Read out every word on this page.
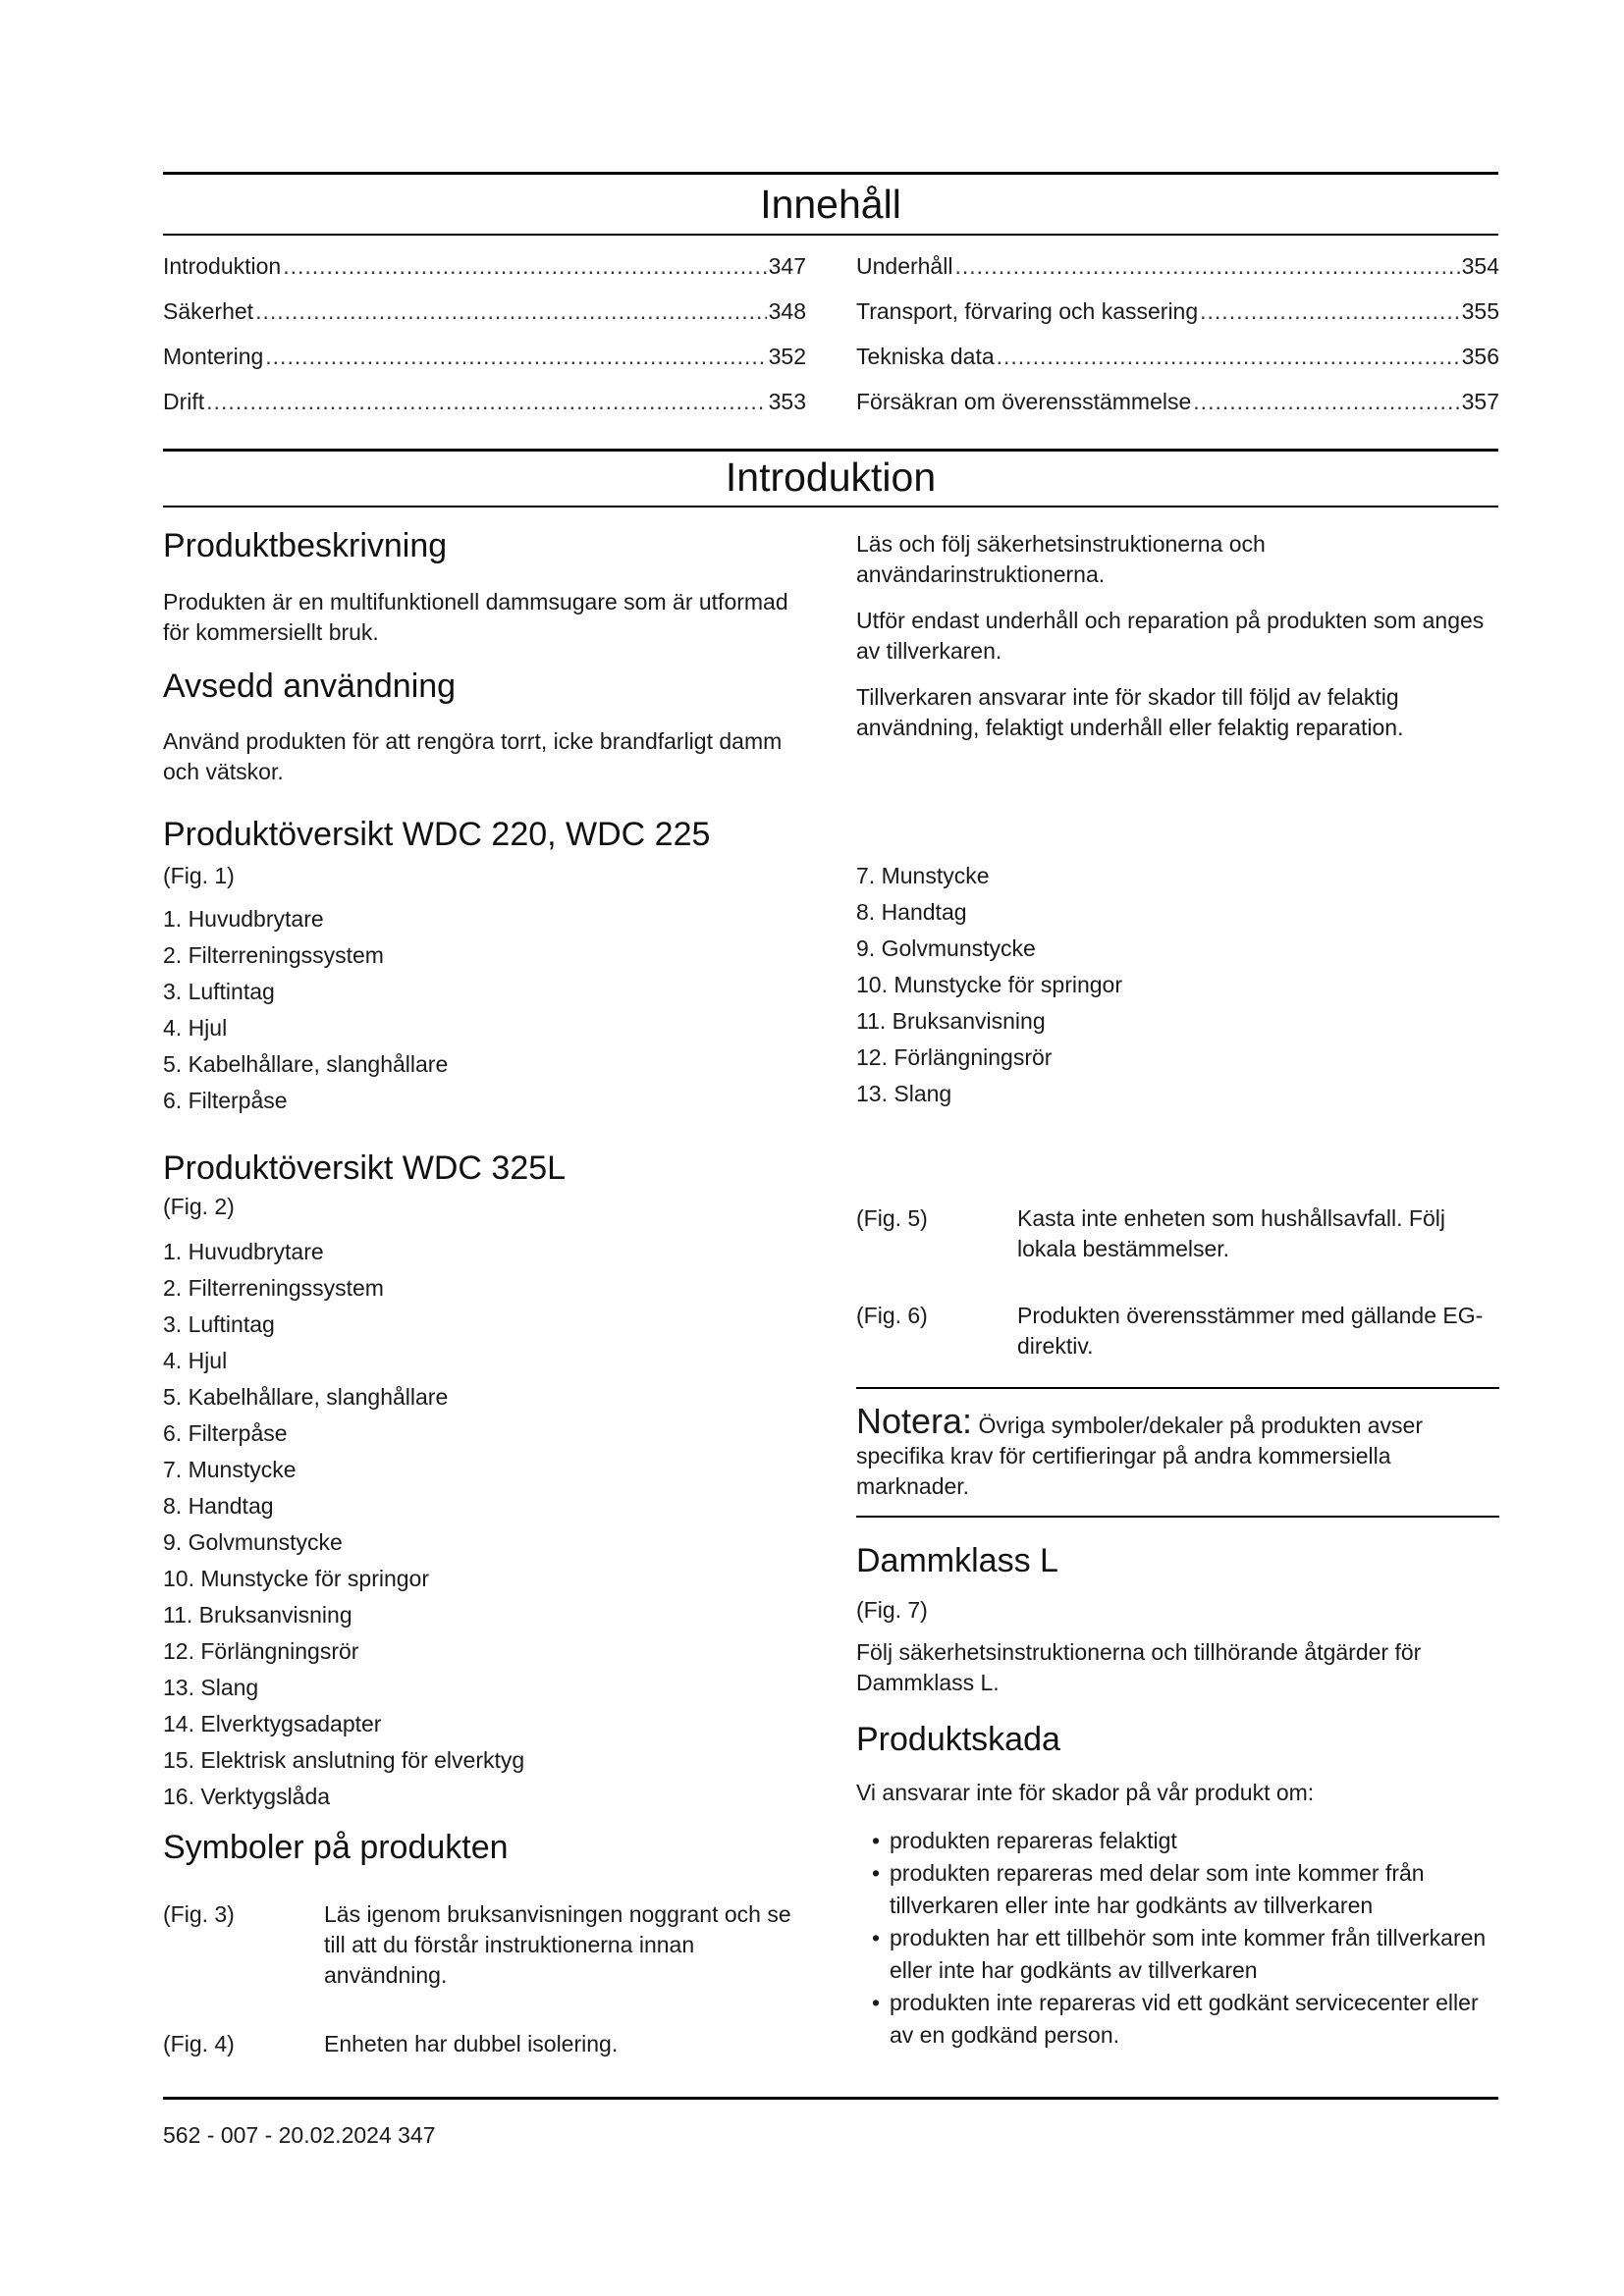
Innehåll
Introduktion .....	347
Säkerhet .....	348
Montering .....	352
Drift .....	353
Underhåll .....	354
Transport, förvaring och kassering .....	355
Tekniska data .....	356
Försäkran om överensstämmelse .....	357
Introduktion
Produktbeskrivning
Produkten är en multifunktionell dammsugare som är utformad för kommersiellt bruk.
Avsedd användning
Använd produkten för att rengöra torrt, icke brandfarligt damm och vätskor.
Läs och följ säkerhetsinstruktionerna och användarinstruktionerna.
Utför endast underhåll och reparation på produkten som anges av tillverkaren.
Tillverkaren ansvarar inte för skador till följd av felaktig användning, felaktigt underhåll eller felaktig reparation.
Produktöversikt WDC 220, WDC 225
(Fig. 1)
1. Huvudbrytare
2. Filterreningssystem
3. Luftintag
4. Hjul
5. Kabelhållare, slanghållare
6. Filterpåse
7. Munstycke
8. Handtag
9. Golvmunstycke
10. Munstycke för springor
11. Bruksanvisning
12. Förlängningsrör
13. Slang
Produktöversikt WDC 325L
(Fig. 2)
1. Huvudbrytare
2. Filterreningssystem
3. Luftintag
4. Hjul
5. Kabelhållare, slanghållare
6. Filterpåse
7. Munstycke
8. Handtag
9. Golvmunstycke
10. Munstycke för springor
11. Bruksanvisning
12. Förlängningsrör
13. Slang
14. Elverktygsadapter
15. Elektrisk anslutning för elverktyg
16. Verktygslåda
Symboler på produkten
(Fig. 3)	Läs igenom bruksanvisningen noggrant och se till att du förstår instruktionerna innan användning.
(Fig. 4)	Enheten har dubbel isolering.
(Fig. 5)	Kasta inte enheten som hushållsavfall. Följ lokala bestämmelser.
(Fig. 6)	Produkten överensstämmer med gällande EG-direktiv.
Notera: Övriga symboler/dekaler på produkten avser specifika krav för certifieringar på andra kommersiella marknader.
Dammklass L
(Fig. 7)
Följ säkerhetsinstruktionerna och tillhörande åtgärder för Dammklass L.
Produktskada
Vi ansvarar inte för skador på vår produkt om:
• produkten repareras felaktigt
• produkten repareras med delar som inte kommer från tillverkaren eller inte har godkänts av tillverkaren
• produkten har ett tillbehör som inte kommer från tillverkaren eller inte har godkänts av tillverkaren
• produkten inte repareras vid ett godkänt servicecenter eller av en godkänd person.
562 - 007 - 20.02.2024 347
